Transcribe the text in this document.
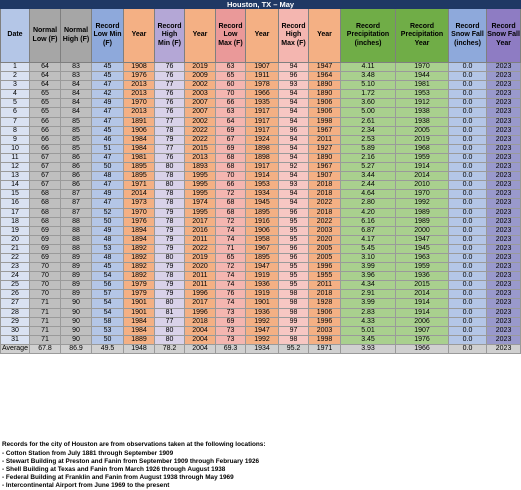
Houston, TX – May														
Date	Normal Low (F)	Normal High (F)	Record Low Min (F)	Year	Record High Min (F)	Year	Record Low Max (F)	Year	Record High Max (F)	Year	Record Precipitation (inches)	Record Precipitation Year	Record Snow Fall (inches)	Record Snow Fall Year
1	64	83	45	1908	76	2019	63	1907	94	1947	4.11	1970	0.0	2023
2	64	83	45	1976	76	2009	65	1911	96	1964	3.48	1944	0.0	2023
3	64	84	47	2013	77	2002	60	1978	93	1890	5.10	1981	0.0	2023
4	65	84	42	2013	76	2003	70	1966	94	1890	1.72	1953	0.0	2023
5	65	84	49	1970	76	2007	66	1935	94	1906	3.60	1912	0.0	2023
6	65	84	47	2013	76	2007	63	1917	94	1906	5.00	1938	0.0	2023
7	66	85	47	1891	77	2002	64	1917	94	1998	2.61	1938	0.0	2023
8	66	85	45	1906	78	2022	69	1917	96	1967	2.34	2005	0.0	2023
9	66	85	46	1984	79	2022	67	1924	94	2011	2.53	2019	0.0	2023
10	66	85	51	1984	77	2015	69	1898	94	1927	5.89	1968	0.0	2023
11	67	86	47	1981	76	2013	68	1898	94	1890	2.16	1959	0.0	2023
12	67	86	50	1895	80	1893	68	1917	92	1967	5.27	1914	0.0	2023
13	67	86	48	1895	78	1995	70	1914	94	1907	3.44	2014	0.0	2023
14	67	86	47	1971	80	1995	66	1953	93	2018	2.44	2010	0.0	2023
15	68	87	49	2014	78	1995	72	1934	94	2018	4.64	1970	0.0	2023
16	68	87	47	1973	78	1974	68	1945	94	2022	2.80	1992	0.0	2023
17	68	87	52	1970	79	1995	68	1895	96	2018	4.20	1989	0.0	2023
18	68	88	50	1976	78	2017	72	1916	95	2022	6.16	1989	0.0	2023
19	69	88	49	1894	79	2016	74	1906	95	2003	6.87	2000	0.0	2023
20	69	88	48	1894	79	2011	74	1958	95	2020	4.17	1947	0.0	2023
21	69	88	53	1892	79	2022	71	1967	96	2005	5.45	1945	0.0	2023
22	69	89	48	1892	80	2019	65	1895	96	2005	3.10	1963	0.0	2023
23	70	89	45	1892	79	2020	72	1947	95	1996	3.99	1959	0.0	2023
24	70	89	54	1892	78	2011	74	1919	95	1955	3.96	1936	0.0	2023
25	70	89	56	1979	79	2011	74	1936	95	2011	4.34	2015	0.0	2023
26	70	89	57	1979	79	1996	76	1919	98	2018	2.91	2014	0.0	2023
27	71	90	54	1901	80	2017	74	1901	98	1928	3.99	1914	0.0	2023
28	71	90	54	1901	81	1996	73	1936	98	1906	2.83	1914	0.0	2023
29	71	90	58	1984	77	2018	69	1992	99	1996	4.33	2006	0.0	2023
30	71	90	53	1984	80	2004	73	1947	97	2003	5.01	1907	0.0	2023
31	71	90	50	1889	80	2004	73	1992	98	1998	3.45	1976	0.0	2023
Average	67.8	86.9	49.5	1948	78.2	2004	69.3	1934	95.2	1971	3.93	1966	0.0	2023
Records for the city of Houston are from observations taken at the following locations:
- Cotton Station from July 1881 through September 1909
- Stewart Building at Preston and Fanin from September 1909 through February 1926
- Shell Building at Texas and Fanin from March 1926 through August 1938
- Federal Building at Franklin and Fanin from August 1938 through May 1969
- Intercontinental Airport from June 1969 to the present
